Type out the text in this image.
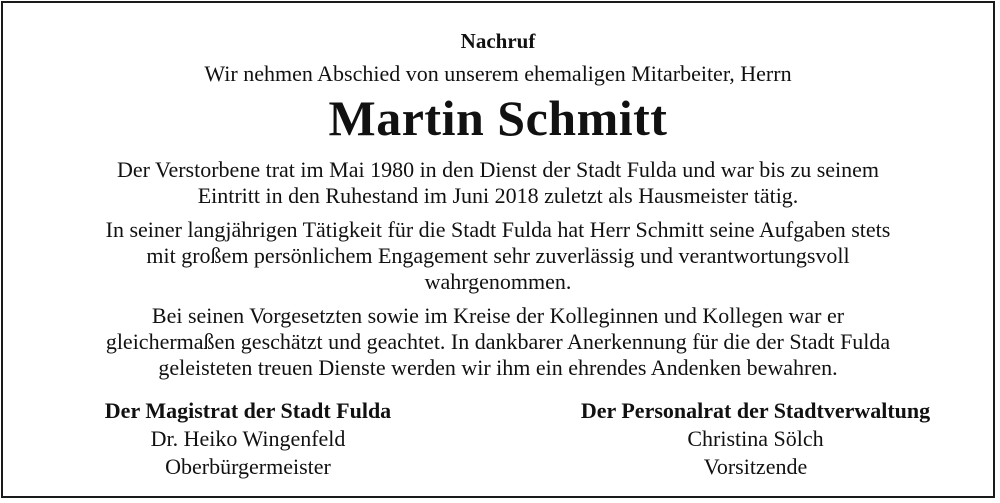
Nachruf
Wir nehmen Abschied von unserem ehemaligen Mitarbeiter, Herrn
Martin Schmitt
Der Verstorbene trat im Mai 1980 in den Dienst der Stadt Fulda und war bis zu seinem
Eintritt in den Ruhestand im Juni 2018 zuletzt als Hausmeister tätig.
In seiner langjährigen Tätigkeit für die Stadt Fulda hat Herr Schmitt seine Aufgaben stets
mit großem persönlichem Engagement sehr zuverlässig und verantwortungsvoll
wahrgenommen.
Bei seinen Vorgesetzten sowie im Kreise der Kolleginnen und Kollegen war er
gleichermaßen geschätzt und geachtet. In dankbarer Anerkennung für die der Stadt Fulda
geleisteten treuen Dienste werden wir ihm ein ehrendes Andenken bewahren.
Der Magistrat der Stadt Fulda
Dr. Heiko Wingenfeld
Oberbürgermeister
Der Personalrat der Stadtverwaltung
Christina Sölch
Vorsitzende
